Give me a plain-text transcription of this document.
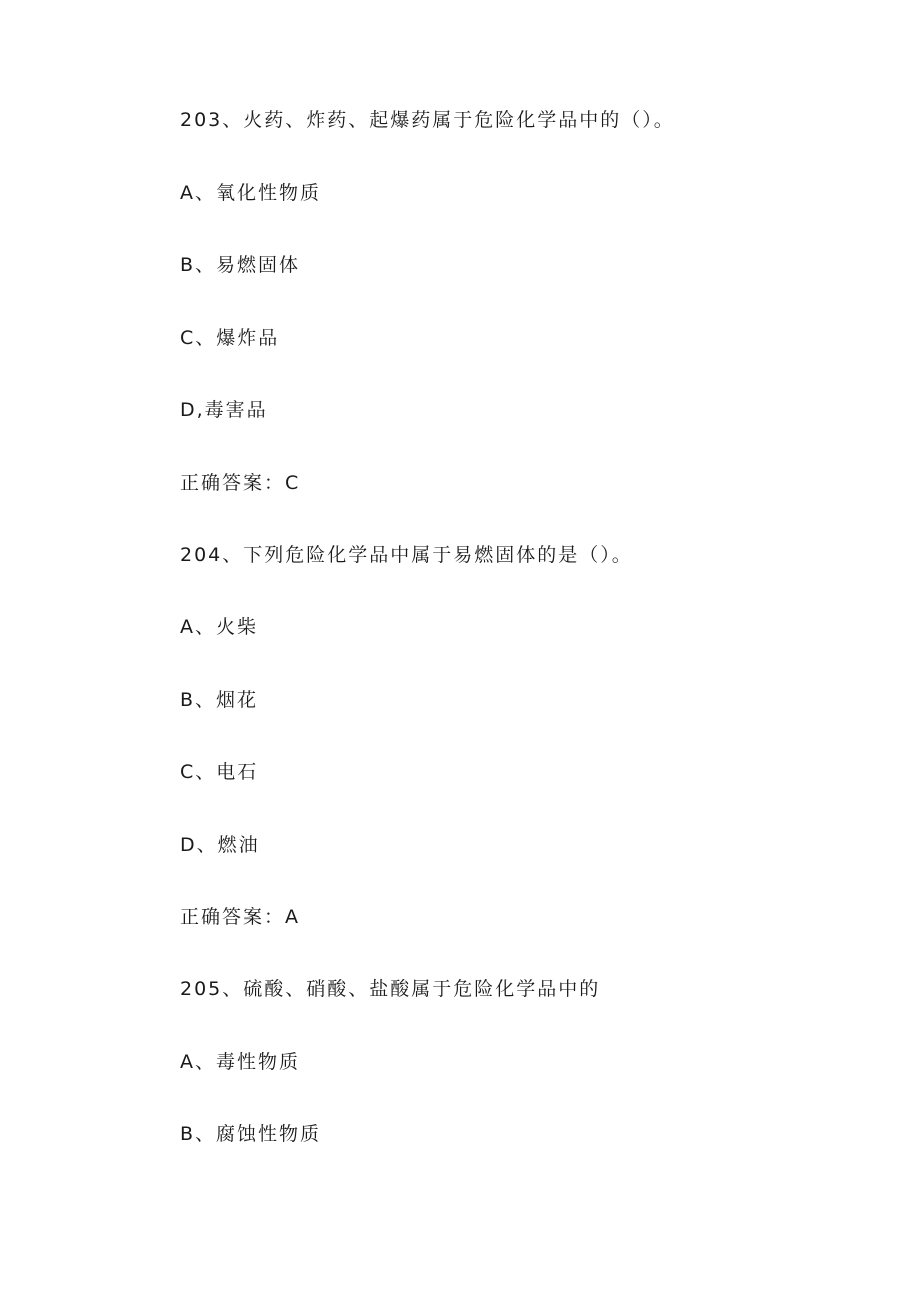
203、火药、炸药、起爆药属于危险化学品中的（）。
A、氧化性物质
B、易燃固体
C、爆炸品
D,毒害品
正确答案：C
204、下列危险化学品中属于易燃固体的是（）。
A、火柴
B、烟花
C、电石
D、燃油
正确答案：A
205、硫酸、硝酸、盐酸属于危险化学品中的
A、毒性物质
B、腐蚀性物质
